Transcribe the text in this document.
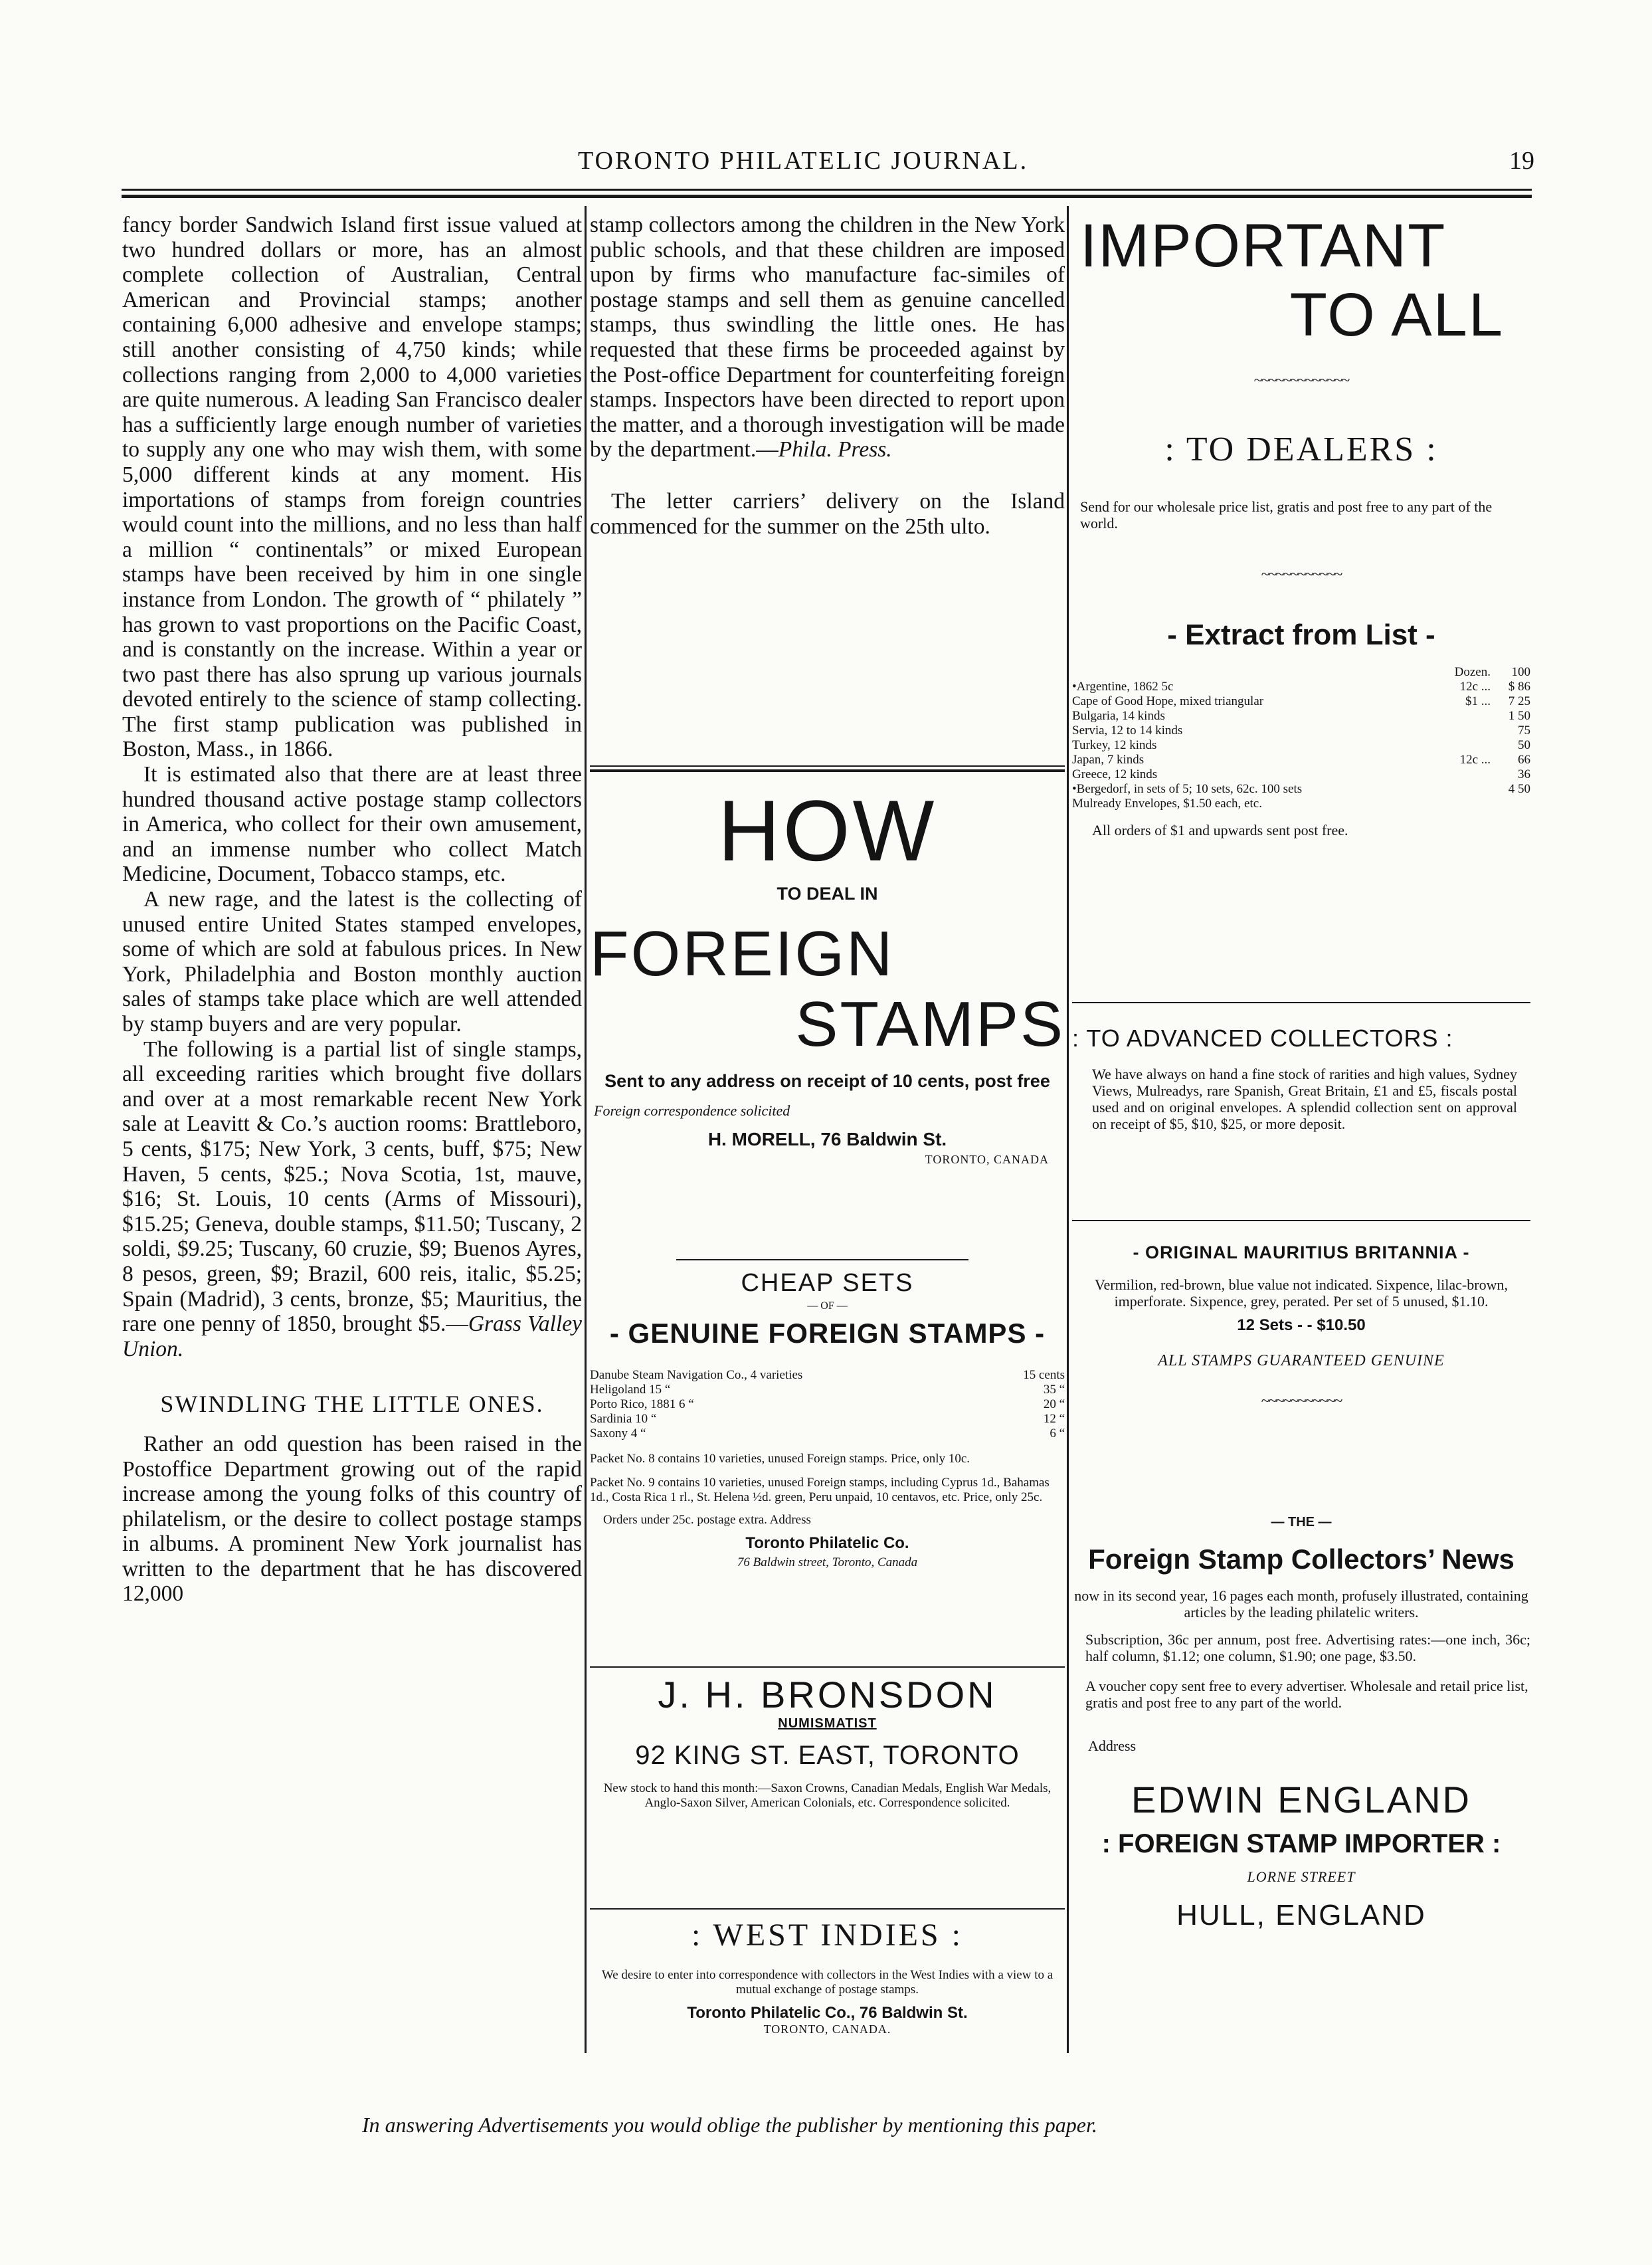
TORONTO PHILATELIC JOURNAL.	19

fancy border Sandwich Island first issue valued at two hundred dollars or more, has an almost complete collection of Australian, Central American and Provincial stamps; another containing 6,000 adhesive and envelope stamps; still another consisting of 4,750 kinds; while collections ranging from 2,000 to 4,000 varieties are quite numerous. A leading San Francisco dealer has a sufficiently large enough number of varieties to supply any one who may wish them, with some 5,000 different kinds at any moment. His importations of stamps from foreign countries would count into the millions, and no less than half a million “ continentals” or mixed European stamps have been received by him in one single instance from London. The growth of “ philately ” has grown to vast proportions on the Pacific Coast, and is constantly on the increase. Within a year or two past there has also sprung up various journals devoted entirely to the science of stamp collecting. The first stamp publication was published in Boston, Mass., in 1866.

It is estimated also that there are at least three hundred thousand active postage stamp collectors in America, who collect for their own amusement, and an immense number who collect Match Medicine, Document, Tobacco stamps, etc.

A new rage, and the latest is the collecting of unused entire United States stamped envelopes, some of which are sold at fabulous prices. In New York, Philadelphia and Boston monthly auction sales of stamps take place which are well attended by stamp buyers and are very popular.

The following is a partial list of single stamps, all exceeding rarities which brought five dollars and over at a most remarkable recent New York sale at Leavitt & Co.’s auction rooms: Brattleboro, 5 cents, $175; New York, 3 cents, buff, $75; New Haven, 5 cents, $25.; Nova Scotia, 1st, mauve, $16; St. Louis, 10 cents (Arms of Missouri), $15.25; Geneva, double stamps, $11.50; Tuscany, 2 soldi, $9.25; Tuscany, 60 cruzie, $9; Buenos Ayres, 8 pesos, green, $9; Brazil, 600 reis, italic, $5.25; Spain (Madrid), 3 cents, bronze, $5; Mauritius, the rare one penny of 1850, brought $5.—Grass Valley Union.

SWINDLING THE LITTLE ONES.

Rather an odd question has been raised in the Postoffice Department growing out of the rapid increase among the young folks of this country of philatelism, or the desire to collect postage stamps in albums. A prominent New York journalist has written to the department that he has discovered 12,000

stamp collectors among the children in the New York public schools, and that these children are imposed upon by firms who manufacture fac-similes of postage stamps and sell them as genuine cancelled stamps, thus swindling the little ones. He has requested that these firms be proceeded against by the Post-office Department for counterfeiting foreign stamps. Inspectors have been directed to report upon the matter, and a thorough investigation will be made by the department.—Phila. Press.

The letter carriers’ delivery on the Island commenced for the summer on the 25th ulto.

HOW
TO DEAL IN
FOREIGN
STAMPS
Sent to any address on receipt of 10 cents, post free
Foreign correspondence solicited
H. MORELL, 76 Baldwin St.
TORONTO, CANADA
CHEAP SETS
— OF —
- GENUINE FOREIGN STAMPS -
Danube Steam Navigation Co., 4 varieties	15 cents
Heligoland 15 “	35 “
Porto Rico, 1881 6 “	20 “
Sardinia 10 “	12 “
Saxony 4 “	6 “
Packet No. 8 contains 10 varieties, unused Foreign stamps. Price, only 10c.
Packet No. 9 contains 10 varieties, unused Foreign stamps, including Cyprus 1d., Bahamas 1d., Costa Rica 1 rl., St. Helena ½d. green, Peru unpaid, 10 centavos, etc. Price, only 25c.
Orders under 25c. postage extra. Address
Toronto Philatelic Co.
76 Baldwin street, Toronto, Canada
J. H. BRONSDON
NUMISMATIST
92 KING ST. EAST, TORONTO
New stock to hand this month:—Saxon Crowns, Canadian Medals, English War Medals, Anglo-Saxon Silver, American Colonials, etc. Correspondence solicited.
: WEST INDIES :
We desire to enter into correspondence with collectors in the West Indies with a view to a mutual exchange of postage stamps.
Toronto Philatelic Co., 76 Baldwin St.
TORONTO, CANADA.
IMPORTANT
TO ALL
~~~~~~~~~~~~~
: TO DEALERS :
Send for our wholesale price list, gratis and post free to any part of the world.
~~~~~~~~~~~
- Extract from List -
	Dozen.	100
•Argentine, 1862 5c	12c ...	$ 86
Cape of Good Hope, mixed triangular	$1 ...	7 25
Bulgaria, 14 kinds		1 50
Servia, 12 to 14 kinds		75
Turkey, 12 kinds		50
Japan, 7 kinds	12c ...	66
Greece, 12 kinds		36
•Bergedorf, in sets of 5; 10 sets, 62c. 100 sets		4 50
Mulready Envelopes, $1.50 each, etc.
All orders of $1 and upwards sent post free.
: TO ADVANCED COLLECTORS :
We have always on hand a fine stock of rarities and high values, Sydney Views, Mulreadys, rare Spanish, Great Britain, £1 and £5, fiscals postal used and on original envelopes. A splendid collection sent on approval on receipt of $5, $10, $25, or more deposit.
- ORIGINAL MAURITIUS BRITANNIA -
Vermilion, red-brown, blue value not indicated. Sixpence, lilac-brown, imperforate. Sixpence, grey, perated. Per set of 5 unused, $1.10.
12 Sets - - $10.50
ALL STAMPS GUARANTEED GENUINE
~~~~~~~~~~~
— THE —
Foreign Stamp Collectors’ News
now in its second year, 16 pages each month, profusely illustrated, containing articles by the leading philatelic writers.
Subscription, 36c per annum, post free. Advertising rates:—one inch, 36c; half column, $1.12; one column, $1.90; one page, $3.50.
A voucher copy sent free to every advertiser. Wholesale and retail price list, gratis and post free to any part of the world.
Address
EDWIN ENGLAND
: FOREIGN STAMP IMPORTER :
LORNE STREET
HULL, ENGLAND
In answering Advertisements you would oblige the publisher by mentioning this paper.
